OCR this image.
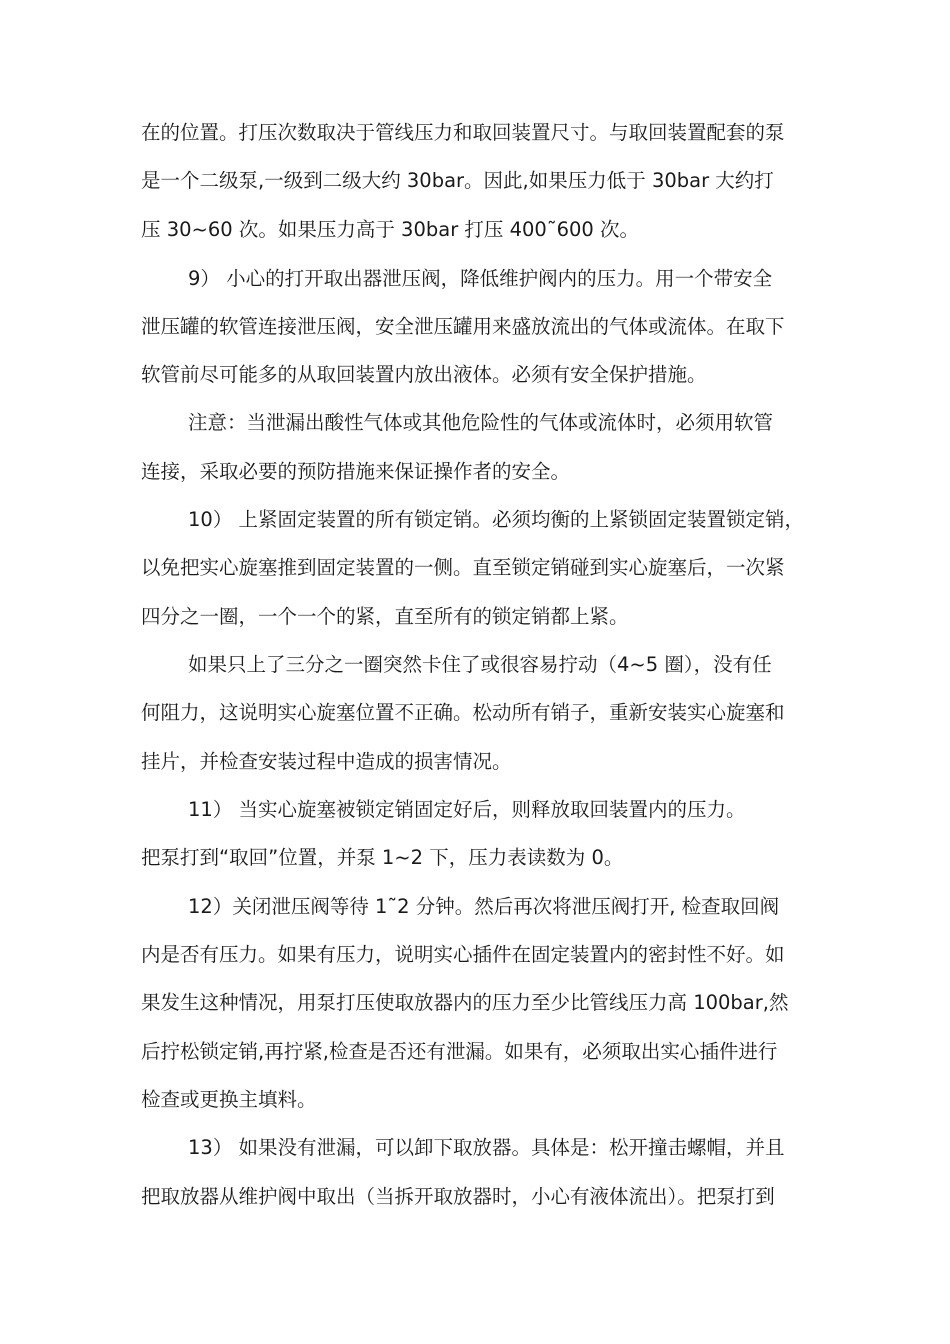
在的位置。打压次数取决于管线压力和取回装置尺寸。与取回装置配套的泵
是一个二级泵,一级到二级大约 30bar。因此,如果压力低于 30bar 大约打
压 30~60 次。如果压力高于 30bar 打压 400˜600 次。
9） 小心的打开取出器泄压阀，降低维护阀内的压力。用一个带安全
泄压罐的软管连接泄压阀，安全泄压罐用来盛放流出的气体或流体。在取下
软管前尽可能多的从取回装置内放出液体。必须有安全保护措施。
注意：当泄漏出酸性气体或其他危险性的气体或流体时，必须用软管
连接，采取必要的预防措施来保证操作者的安全。
10） 上紧固定装置的所有锁定销。必须均衡的上紧锁固定装置锁定销，
以免把实心旋塞推到固定装置的一侧。直至锁定销碰到实心旋塞后，一次紧
四分之一圈，一个一个的紧，直至所有的锁定销都上紧。
如果只上了三分之一圈突然卡住了或很容易拧动（4~5 圈），没有任
何阻力，这说明实心旋塞位置不正确。松动所有销子，重新安装实心旋塞和
挂片，并检查安装过程中造成的损害情况。
11） 当实心旋塞被锁定销固定好后，则释放取回装置内的压力。
把泵打到“取回”位置，并泵 1~2 下，压力表读数为 0。
12）关闭泄压阀等待 1˜2 分钟。然后再次将泄压阀打开, 检查取回阀
内是否有压力。如果有压力，说明实心插件在固定装置内的密封性不好。如
果发生这种情况，用泵打压使取放器内的压力至少比管线压力高 100bar,然
后拧松锁定销,再拧紧,检查是否还有泄漏。如果有，必须取出实心插件进行
检查或更换主填料。
13） 如果没有泄漏，可以卸下取放器。具体是：松开撞击螺帽，并且
把取放器从维护阀中取出（当拆开取放器时，小心有液体流出）。把泵打到
